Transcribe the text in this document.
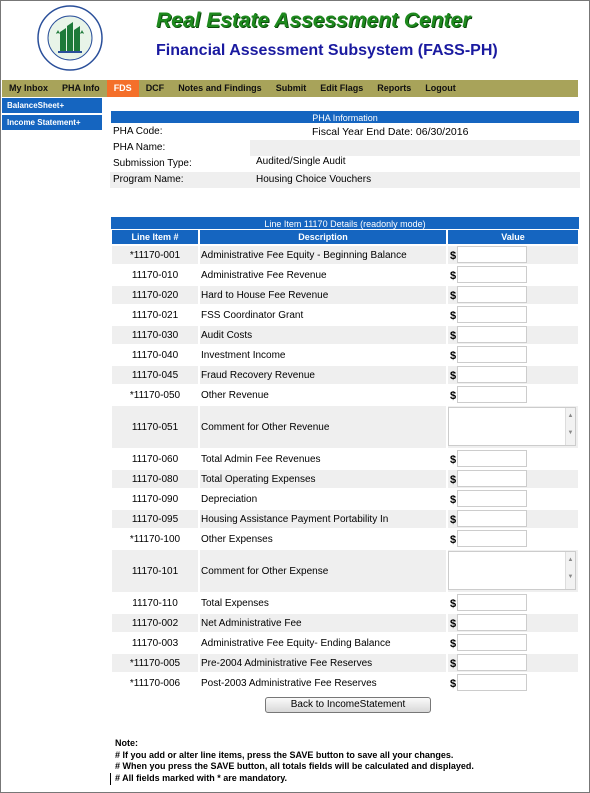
Real Estate Assessment Center
Financial Assessment Subsystem (FASS-PH)
My Inbox	PHA Info	FDS	DCF	Notes and Findings	Submit	Edit Flags	Reports	Logout
BalanceSheet+
Income Statement+	PHA Information
PHA Code:	Fiscal Year End Date: 06/30/2016
PHA Name:
Submission Type:	Audited/Single Audit
Program Name:	Housing Choice Vouchers
Line Item 11170 Details (readonly mode)
Line Item #	Description	Value
*11170-001	Administrative Fee Equity - Beginning Balance	$

11170-010	Administrative Fee Revenue	$

11170-020	Hard to House Fee Revenue	$

11170-021	FSS Coordinator Grant	$

11170-030	Audit Costs	$

11170-040	Investment Income	$

11170-045	Fraud Recovery Revenue	$

*11170-050	Other Revenue	$

11170-051	Comment for Other Revenue	▲
▼

11170-060	Total Admin Fee Revenues	$

11170-080	Total Operating Expenses	$

11170-090	Depreciation	$

11170-095	Housing Assistance Payment Portability In	$

*11170-100	Other Expenses	$

11170-101	Comment for Other Expense	▲
▼

11170-110	Total Expenses	$

11170-002	Net Administrative Fee	$

11170-003	Administrative Fee Equity- Ending Balance	$

*11170-005	Pre-2004 Administrative Fee Reserves	$

*11170-006	Post-2003 Administrative Fee Reserves	$
Back to IncomeStatement
Note:
# If you add or alter line items, press the SAVE button to save all your changes.
# When you press the SAVE button, all totals fields will be calculated and displayed.
# All fields marked with * are mandatory.
